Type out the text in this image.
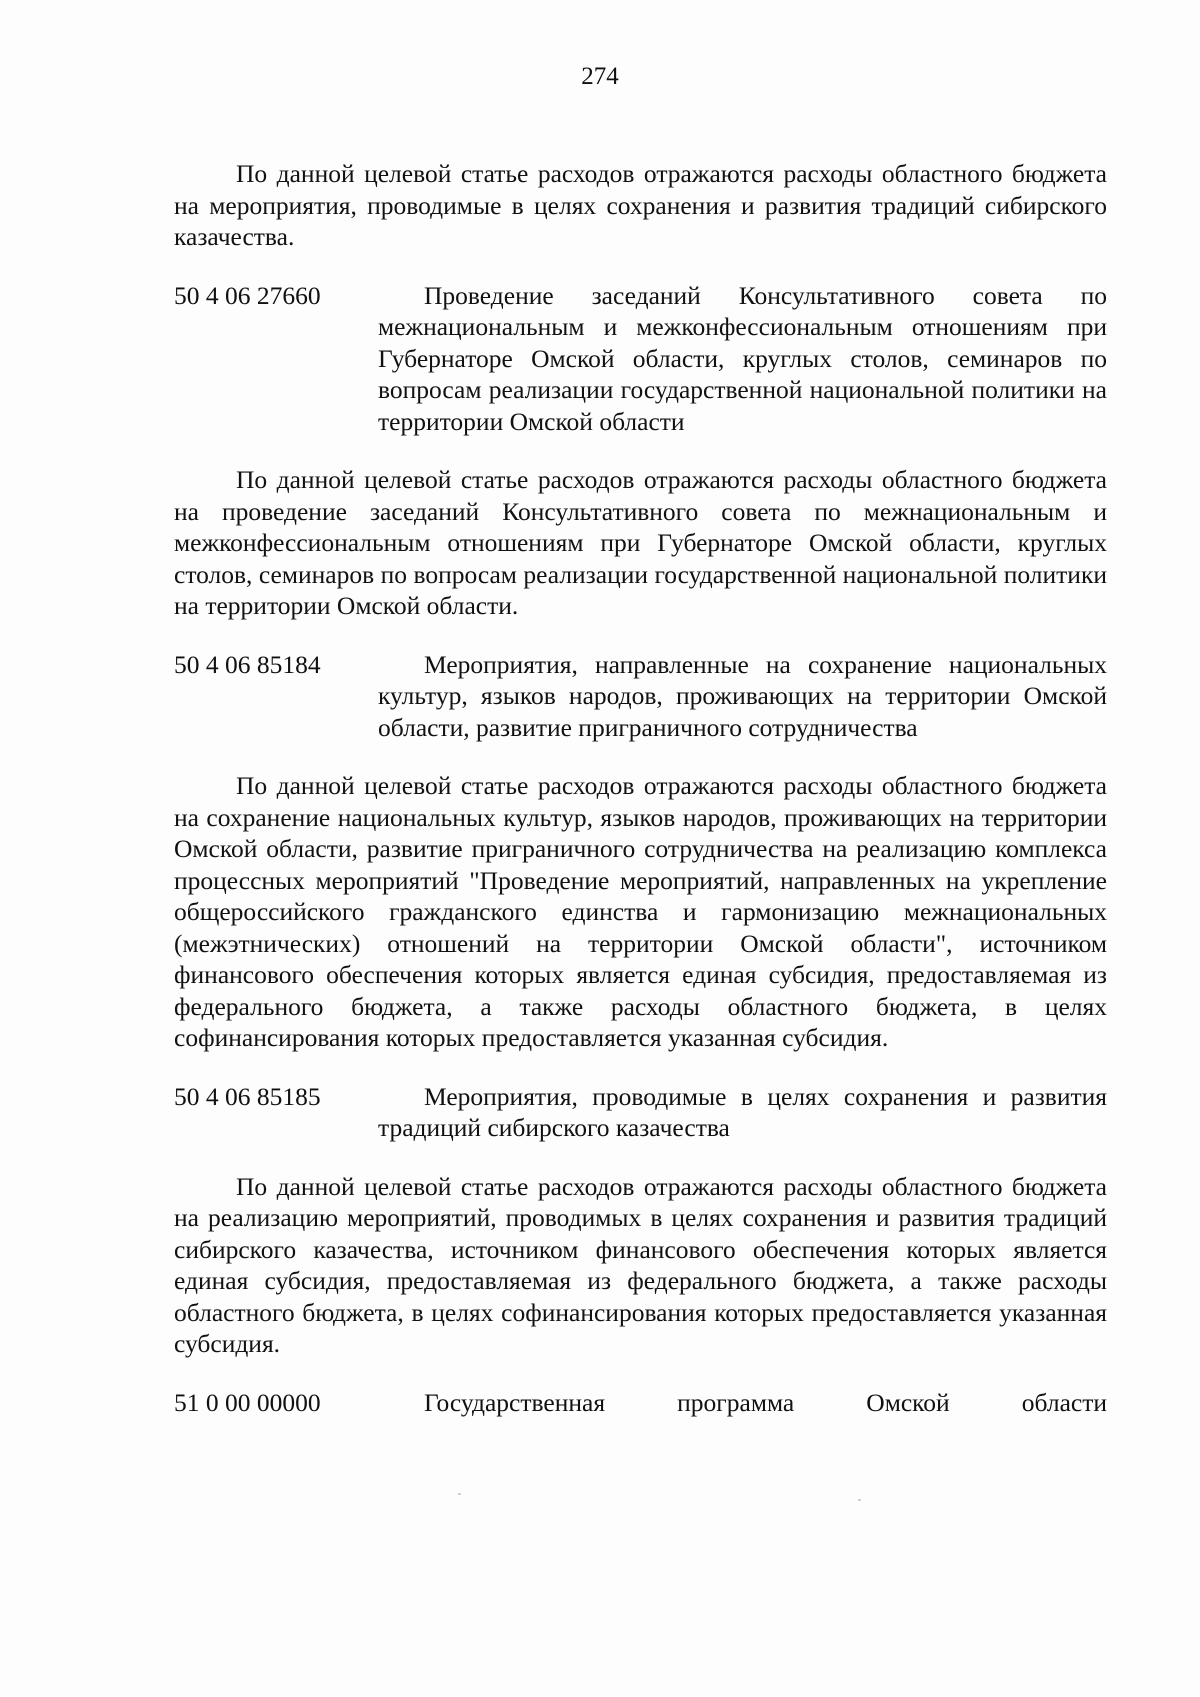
274

По данной целевой статье расходов отражаются расходы областного бюджета на мероприятия, проводимые в целях сохранения и развития традиций сибирского казачества.

50 4 06 27660	Проведение заседаний Консультативного совета по межнациональным и межконфессиональным отношениям при Губернаторе Омской области, круглых столов, семинаров по вопросам реализации государственной национальной политики на территории Омской области

По данной целевой статье расходов отражаются расходы областного бюджета на проведение заседаний Консультативного совета по межнациональным и межконфессиональным отношениям при Губернаторе Омской области, круглых столов, семинаров по вопросам реализации государственной национальной политики на территории Омской области.

50 4 06 85184	Мероприятия, направленные на сохранение национальных культур, языков народов, проживающих на территории Омской области, развитие приграничного сотрудничества

По данной целевой статье расходов отражаются расходы областного бюджета на сохранение национальных культур, языков народов, проживающих на территории Омской области, развитие приграничного сотрудничества на реализацию комплекса процессных мероприятий "Проведение мероприятий, направленных на укрепление общероссийского гражданского единства и гармонизацию межнациональных (межэтнических) отношений на территории Омской области", источником финансового обеспечения которых является единая субсидия, предоставляемая из федерального бюджета, а также расходы областного бюджета, в целях софинансирования которых предоставляется указанная субсидия.

50 4 06 85185	Мероприятия, проводимые в целях сохранения и развития традиций сибирского казачества

По данной целевой статье расходов отражаются расходы областного бюджета на реализацию мероприятий, проводимых в целях сохранения и развития традиций сибирского казачества, источником финансового обеспечения которых является единая субсидия, предоставляемая из федерального бюджета, а также расходы областного бюджета, в целях софинансирования которых предоставляется указанная субсидия.

51 0 00 00000	Государственная программа Омской области
